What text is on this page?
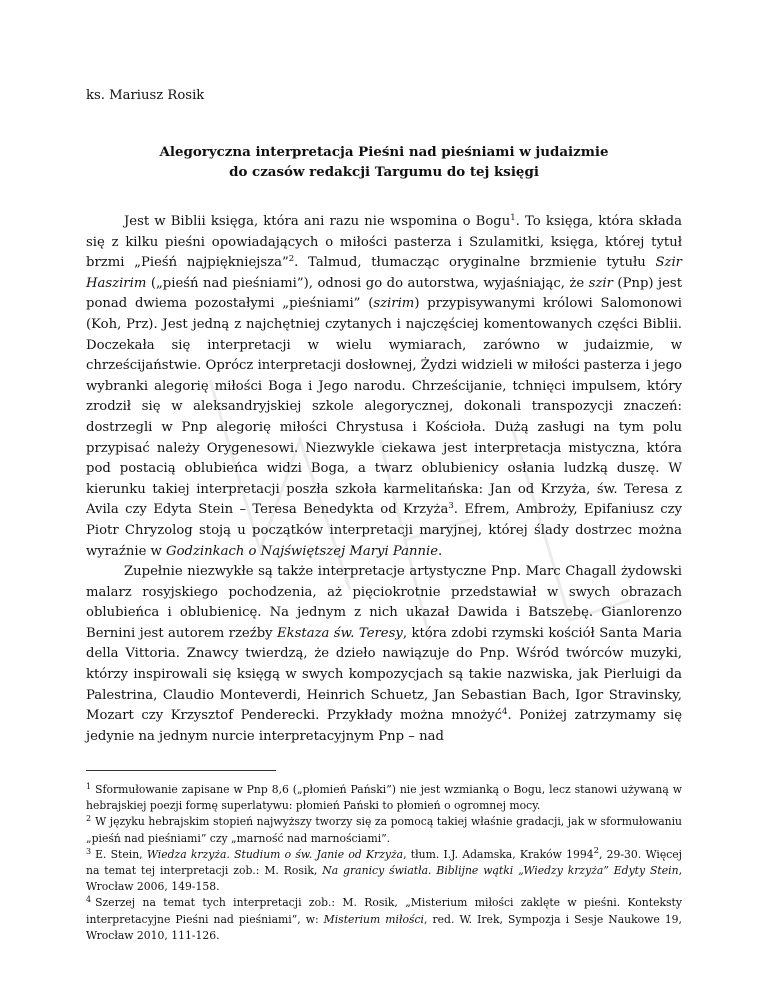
ks. Mariusz Rosik
Alegoryczna interpretacja Pieśni nad pieśniami w judaizmie
do czasów redakcji Targumu do tej księgi

Jest w Biblii księga, która ani razu nie wspomina o Bogu$^1$. To księga, która składa się z kilku pieśni opowiadających o miłości pasterza i Szulamitki, księga, której tytuł brzmi „Pieśń najpiękniejsza”$^2$. Talmud, tłumacząc oryginalne brzmienie tytułu Szir Haszirim („pieśń nad pieśniami”), odnosi go do autorstwa, wyjaśniając, że szir (Pnp) jest ponad dwiema pozostałymi „pieśniami” (szirim) przypisywanymi królowi Salomonowi (Koh, Prz). Jest jedną z najchętniej czytanych i najczęściej komentowanych części Biblii. Doczekała się interpretacji w wielu wymiarach, zarówno w judaizmie, w chrześcijaństwie. Oprócz interpretacji dosłownej, Żydzi widzieli w miłości pasterza i jego wybranki alegorię miłości Boga i Jego narodu. Chrześcijanie, tchnięci impulsem, który zrodził się w aleksandryjskiej szkole alegorycznej, dokonali transpozycji znaczeń: dostrzegli w Pnp alegorię miłości Chrystusa i Kościoła. Dużą zasługi na tym polu przypisać należy Orygenesowi. Niezwykle ciekawa jest interpretacja mistyczna, która pod postacią oblubieńca widzi Boga, a twarz oblubienicy osłania ludzką duszę. W kierunku takiej interpretacji poszła szkoła karmelitańska: Jan od Krzyża, św. Teresa z Avila czy Edyta Stein – Teresa Benedykta od Krzyża$^3$. Efrem, Ambroży, Epifaniusz czy Piotr Chryzolog stoją u początków interpretacji maryjnej, której ślady dostrzec można wyraźnie w Godzinkach o Najświętszej Maryi Pannie.

Zupełnie niezwykłe są także interpretacje artystyczne Pnp. Marc Chagall żydowski malarz rosyjskiego pochodzenia, aż pięciokrotnie przedstawiał w swych obrazach oblubieńca i oblubienicę. Na jednym z nich ukazał Dawida i Batszebę. Gianlorenzo Bernini jest autorem rzeźby Ekstaza św. Teresy, która zdobi rzymski kościół Santa Maria della Vittoria. Znawcy twierdzą, że dzieło nawiązuje do Pnp. Wśród twórców muzyki, którzy inspirowali się księgą w swych kompozycjach są takie nazwiska, jak Pierluigi da Palestrina, Claudio Monteverdi, Heinrich Schuetz, Jan Sebastian Bach, Igor Stravinsky, Mozart czy Krzysztof Penderecki. Przykłady można mnożyć$^4$. Poniżej zatrzymamy się jedynie na jednym nurcie interpretacyjnym Pnp – nad

$^1$ Sformułowanie zapisane w Pnp 8,6 („płomień Pański”) nie jest wzmianką o Bogu, lecz stanowi używaną w hebrajskiej poezji formę superlatywu: płomień Pański to płomień o ogromnej mocy.

$^2$ W języku hebrajskim stopień najwyższy tworzy się za pomocą takiej właśnie gradacji, jak w sformułowaniu „pieśń nad pieśniami” czy „marność nad marnościami”.

$^3$ E. Stein, Wiedza krzyża. Studium o św. Janie od Krzyża, tłum. I.J. Adamska, Kraków 1994$^2$, 29-30. Więcej na temat tej interpretacji zob.: M. Rosik, Na granicy światła. Biblijne wątki „Wiedzy krzyża” Edyty Stein, Wrocław 2006, 149-158.

$^4$ Szerzej na temat tych interpretacji zob.: M. Rosik, „Misterium miłości zaklęte w pieśni. Konteksty interpretacyjne Pieśni nad pieśniami”, w: Misterium miłości, red. W. Irek, Sympozja i Sesje Naukowe 19, Wrocław 2010, 111-126.
